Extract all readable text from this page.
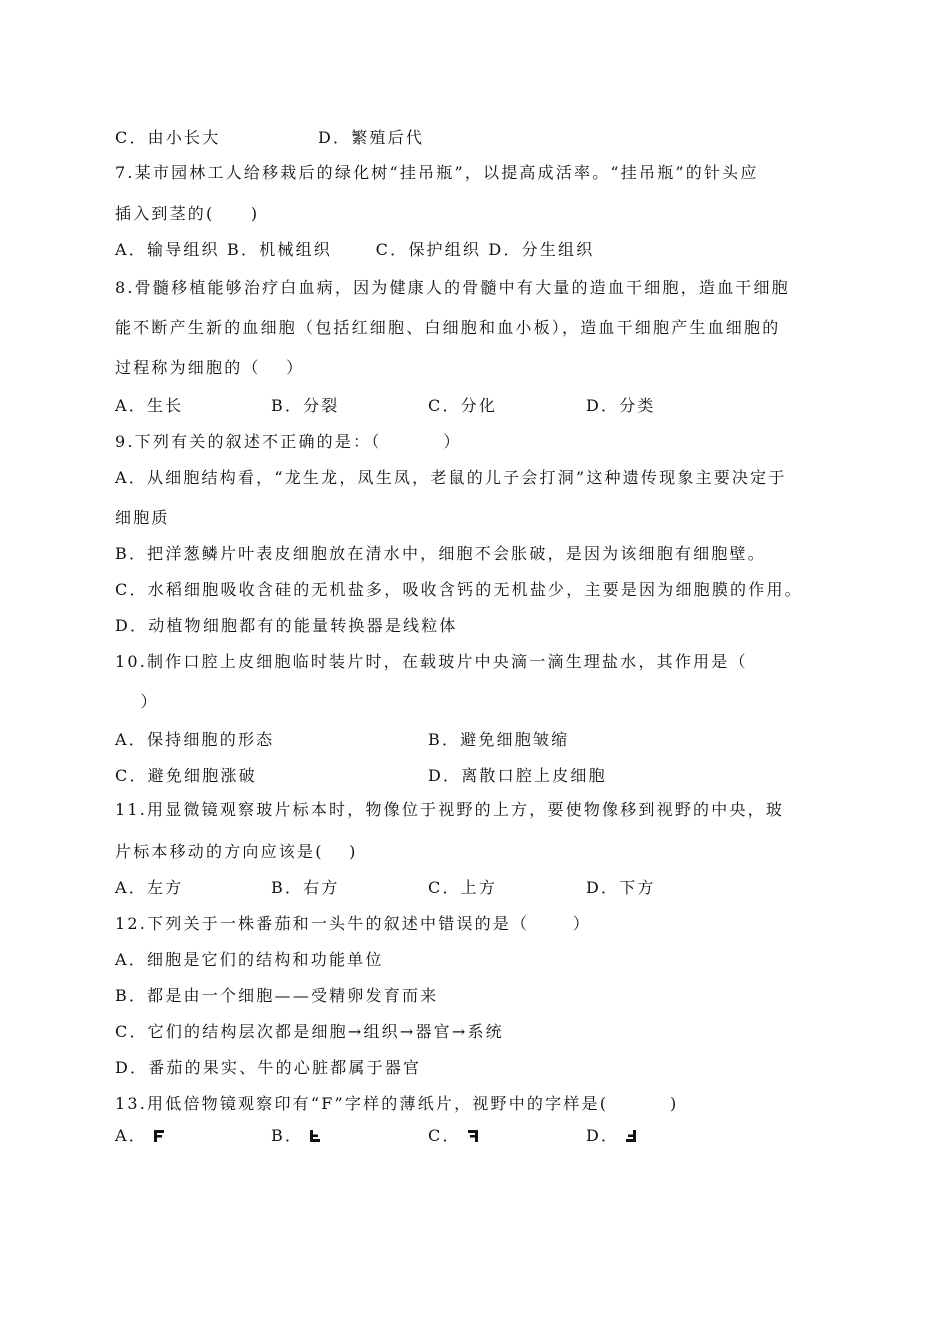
C．由小长大	D．繁殖后代
7.某市园林工人给移栽后的绿化树“挂吊瓶”，以提高成活率。“挂吊瓶”的针头应
插入到茎的(　　)
A．输导组织 B．机械组织　　 C．保护组织 D．分生组织
8.骨髓移植能够治疗白血病，因为健康人的骨髓中有大量的造血干细胞，造血干细胞
能不断产生新的血细胞（包括红细胞、白细胞和血小板），造血干细胞产生血细胞的
过程称为细胞的（　 ）
A．生长	B．分裂	C．分化	D．分类
9.下列有关的叙述不正确的是：（　　　 ）
A．从细胞结构看，“龙生龙，凤生凤，老鼠的儿子会打洞”这种遗传现象主要决定于
细胞质
B．把洋葱鳞片叶表皮细胞放在清水中，细胞不会胀破，是因为该细胞有细胞壁。
C．水稻细胞吸收含硅的无机盐多，吸收含钙的无机盐少，主要是因为细胞膜的作用。
D．动植物细胞都有的能量转换器是线粒体
10.制作口腔上皮细胞临时装片时，在载玻片中央滴一滴生理盐水，其作用是（
　 ）
A．保持细胞的形态	B．避免细胞皱缩
C．避免细胞涨破	D．离散口腔上皮细胞
11.用显微镜观察玻片标本时，物像位于视野的上方，要使物像移到视野的中央，玻
片标本移动的方向应该是(　 )
A．左方	B．右方	C．上方	D．下方
12.下列关于一株番茄和一头牛的叙述中错误的是（　　 ）
A．细胞是它们的结构和功能单位
B．都是由一个细胞——受精卵发育而来
C．它们的结构层次都是细胞→组织→器官→系统
D．番茄的果实、牛的心脏都属于器官
13.用低倍物镜观察印有“F”字样的薄纸片，视野中的字样是(　　　 )
A．	B．	C．	D．
